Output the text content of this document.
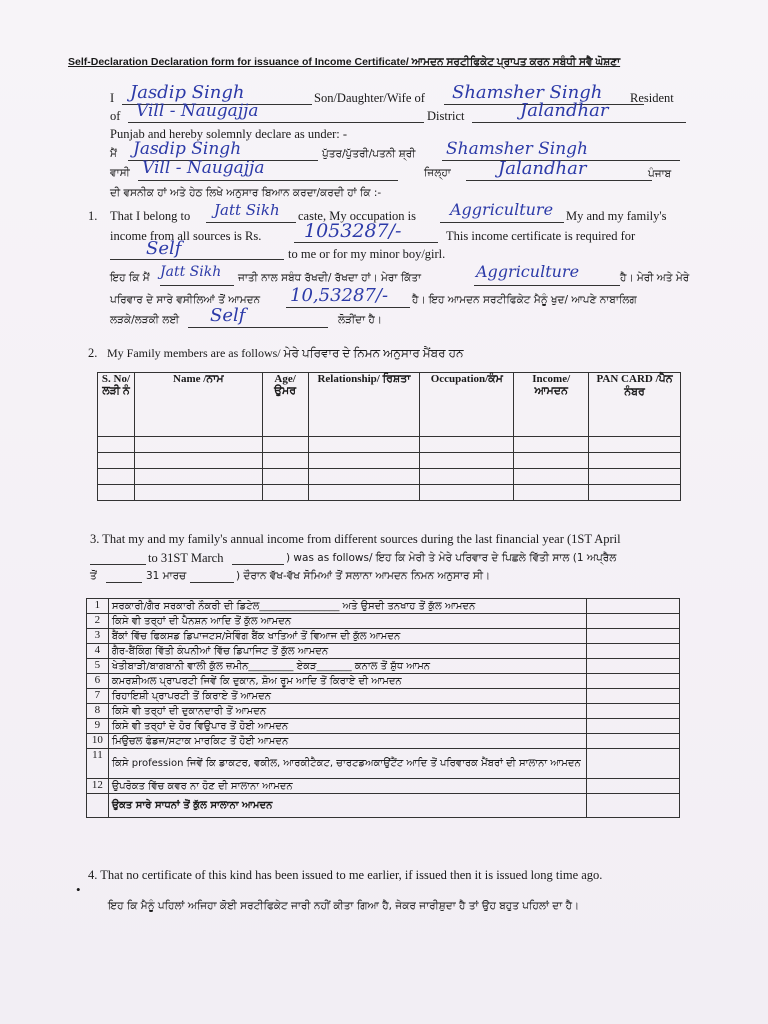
Self-Declaration Declaration form for issuance of Income Certificate/ ਆਮਦਨ ਸਰਟੀਫਿਕੇਟ ਪ੍ਰਾਪਤ ਕਰਨ ਸਬੰਧੀ ਸਵੈ ਘੋਸ਼ਣਾ
I Jasdip Singh	Son/Daughter/Wife of Shamsher Singh Resident
of Vill - Naugajja	District	Jalandhar
Punjab and hereby solemnly declare as under: -
ਮੈਂ Jasdip Singh	ਪੁੱਤਰ/ਪੁੱਤਰੀ/ਪਤਨੀ ਸ਼੍ਰੀ Shamsher Singh
ਵਾਸੀ Vill - Naugajja	ਜਿਲ੍ਹਾ	Jalandhar	ਪੰਜਾਬ
ਦੀ ਵਸਨੀਕ ਹਾਂ ਅਤੇ ਹੇਠ ਲਿਖੇ ਅਨੁਸਾਰ ਬਿਆਨ ਕਰਦਾ/ਕਰਦੀ ਹਾਂ ਕਿ :-
1. That I belong to Jatt Sikh caste, My occupation is Aggriculture My and my family's
income from all sources is Rs. 1053287/-	This income certificate is required for
Self	to me or for my minor boy/girl.
ਇਹ ਕਿ ਮੈਂ Jatt Sikh ਜਾਤੀ ਨਾਲ ਸਬੰਧ ਰੱਖਦੀ/ ਰੱਖਦਾ ਹਾਂ। ਮੇਰਾ ਕਿੱਤਾ	Aggriculture	ਹੈ। ਮੇਰੀ ਅਤੇ ਮੇਰੇ
ਪਰਿਵਾਰ ਦੇ ਸਾਰੇ ਵਸੀਲਿਆਂ ਤੋਂ ਆਮਦਨ 10,53287/- ਹੈ। ਇਹ ਆਮਦਨ ਸਰਟੀਫਿਕੇਟ ਮੈਨੂੰ ਖੁਦ/ ਆਪਣੇ ਨਾਬਾਲਿਗ
ਲੜਕੇ/ਲੜਕੀ ਲਈ Self	ਲੋੜੀਂਦਾ ਹੈ।
2. My Family members are as follows/ ਮੇਰੇ ਪਰਿਵਾਰ ਦੇ ਨਿਮਨ ਅਨੁਸਾਰ ਮੈਂਬਰ ਹਨ
S. No/ ਲੜੀ ਨੰ	Name /ਨਾਮ	Age/ ਉਮਰ	Relationship/ ਰਿਸ਼ਤਾ	Occupation/ਕੰਮ	Income/ ਆਮਦਨ	PAN CARD /ਪੈਨ ਨੰਬਰ

3. That my and my family's annual income from different sources during the last financial year (1ST April
to 31ST March	) was as follows/ ਇਹ ਕਿ ਮੇਰੀ ਤੇ ਮੇਰੇ ਪਰਿਵਾਰ ਦੇ ਪਿਛਲੇ ਵਿੱਤੀ ਸਾਲ (1 ਅਪ੍ਰੈਲ
ਤੋਂ	31 ਮਾਰਚ	) ਦੌਰਾਨ ਵੱਖ-ਵੱਖ ਸੋਮਿਆਂ ਤੋਂ ਸਲਾਨਾ ਆਮਦਨ ਨਿਮਨ ਅਨੁਸਾਰ ਸੀ।
1	ਸਰਕਾਰੀ/ਗੈਰ ਸਰਕਾਰੀ ਨੌਕਰੀ ਦੀ ਡਿਟੇਲ________________ ਅਤੇ ਉਸਦੀ ਤਨਖਾਹ ਤੋਂ ਕੁੱਲ ਆਮਦਨ	
2	ਕਿਸੇ ਵੀ ਤਰ੍ਹਾਂ ਦੀ ਪੈਨਸ਼ਨ ਆਦਿ ਤੋਂ ਕੁੱਲ ਆਮਦਨ	
3	ਬੈਂਕਾਂ ਵਿੱਚ ਫਿਕਸਡ ਡਿਪਾਜਟਸ/ਸੇਵਿੰਗ ਬੈਂਕ ਖਾਤਿਆਂ ਤੋਂ ਵਿਆਜ ਦੀ ਕੁੱਲ ਆਮਦਨ	
4	ਗੈਰ-ਬੈਂਕਿੰਗ ਵਿੱਤੀ ਕੰਪਨੀਆਂ ਵਿੱਚ ਡਿਪਾਜਿਟ ਤੋਂ ਕੁੱਲ ਆਮਦਨ	
5	ਖੇਤੀਬਾੜੀ/ਬਾਗਬਾਨੀ ਵਾਲੀ ਕੁੱਲ ਜ਼ਮੀਨ_________ ਏਕੜ_______ ਕਨਾਲ ਤੋਂ ਸ਼ੁੱਧ ਆਮਨ	
6	ਕਮਰਸ਼ੀਅਲ ਪ੍ਰਾਪਰਟੀ ਜਿਵੇਂ ਕਿ ਦੁਕਾਨ, ਸ਼ੋਅ ਰੂਮ ਆਦਿ ਤੋਂ ਕਿਰਾਏ ਦੀ ਆਮਦਨ	
7	ਰਿਹਾਇਸ਼ੀ ਪ੍ਰਾਪਰਟੀ ਤੋਂ ਕਿਰਾਏ ਤੋਂ ਆਮਦਨ	
8	ਕਿਸੇ ਵੀ ਤਰ੍ਹਾਂ ਦੀ ਦੁਕਾਨਦਾਰੀ ਤੋਂ ਆਮਦਨ	
9	ਕਿਸੇ ਵੀ ਤਰ੍ਹਾਂ ਦੇ ਹੋਰ ਵਿਉਪਾਰ ਤੋਂ ਹੋਈ ਆਮਦਨ	
10	ਮਿਉਚਲ ਫੰਡਜ/ਸਟਾਕ ਮਾਰਕਿਟ ਤੋਂ ਹੋਈ ਆਮਦਨ	
11	ਕਿਸੇ profession ਜਿਵੇਂ ਕਿ ਡਾਕਟਰ, ਵਕੀਲ, ਆਰਕੀਟੈਕਟ, ਚਾਰਟਡਅਕਾਉਂਟੈਂਟ ਆਦਿ ਤੋਂ ਪਰਿਵਾਰਕ ਮੈਂਬਰਾਂ ਦੀ ਸਾਲਾਨਾ ਆਮਦਨ	
12	ਉਪਰੋਕਤ ਵਿੱਚ ਕਵਰ ਨਾ ਹੋਣ ਦੀ ਸਾਲਾਨਾ ਆਮਦਨ	
	ਉਕਤ ਸਾਰੇ ਸਾਧਨਾਂ ਤੋਂ ਕੁੱਲ ਸਾਲਾਨਾ ਆਮਦਨ	
•
4. That no certificate of this kind has been issued to me earlier, if issued then it is issued long time ago.
ਇਹ ਕਿ ਮੈਨੂੰ ਪਹਿਲਾਂ ਅਜਿਹਾ ਕੋਈ ਸਰਟੀਫਿਕੇਟ ਜਾਰੀ ਨਹੀਂ ਕੀਤਾ ਗਿਆ ਹੈ, ਜੇਕਰ ਜਾਰੀਸ਼ੁਦਾ ਹੈ ਤਾਂ ਉਹ ਬਹੁਤ ਪਹਿਲਾਂ ਦਾ ਹੈ।
